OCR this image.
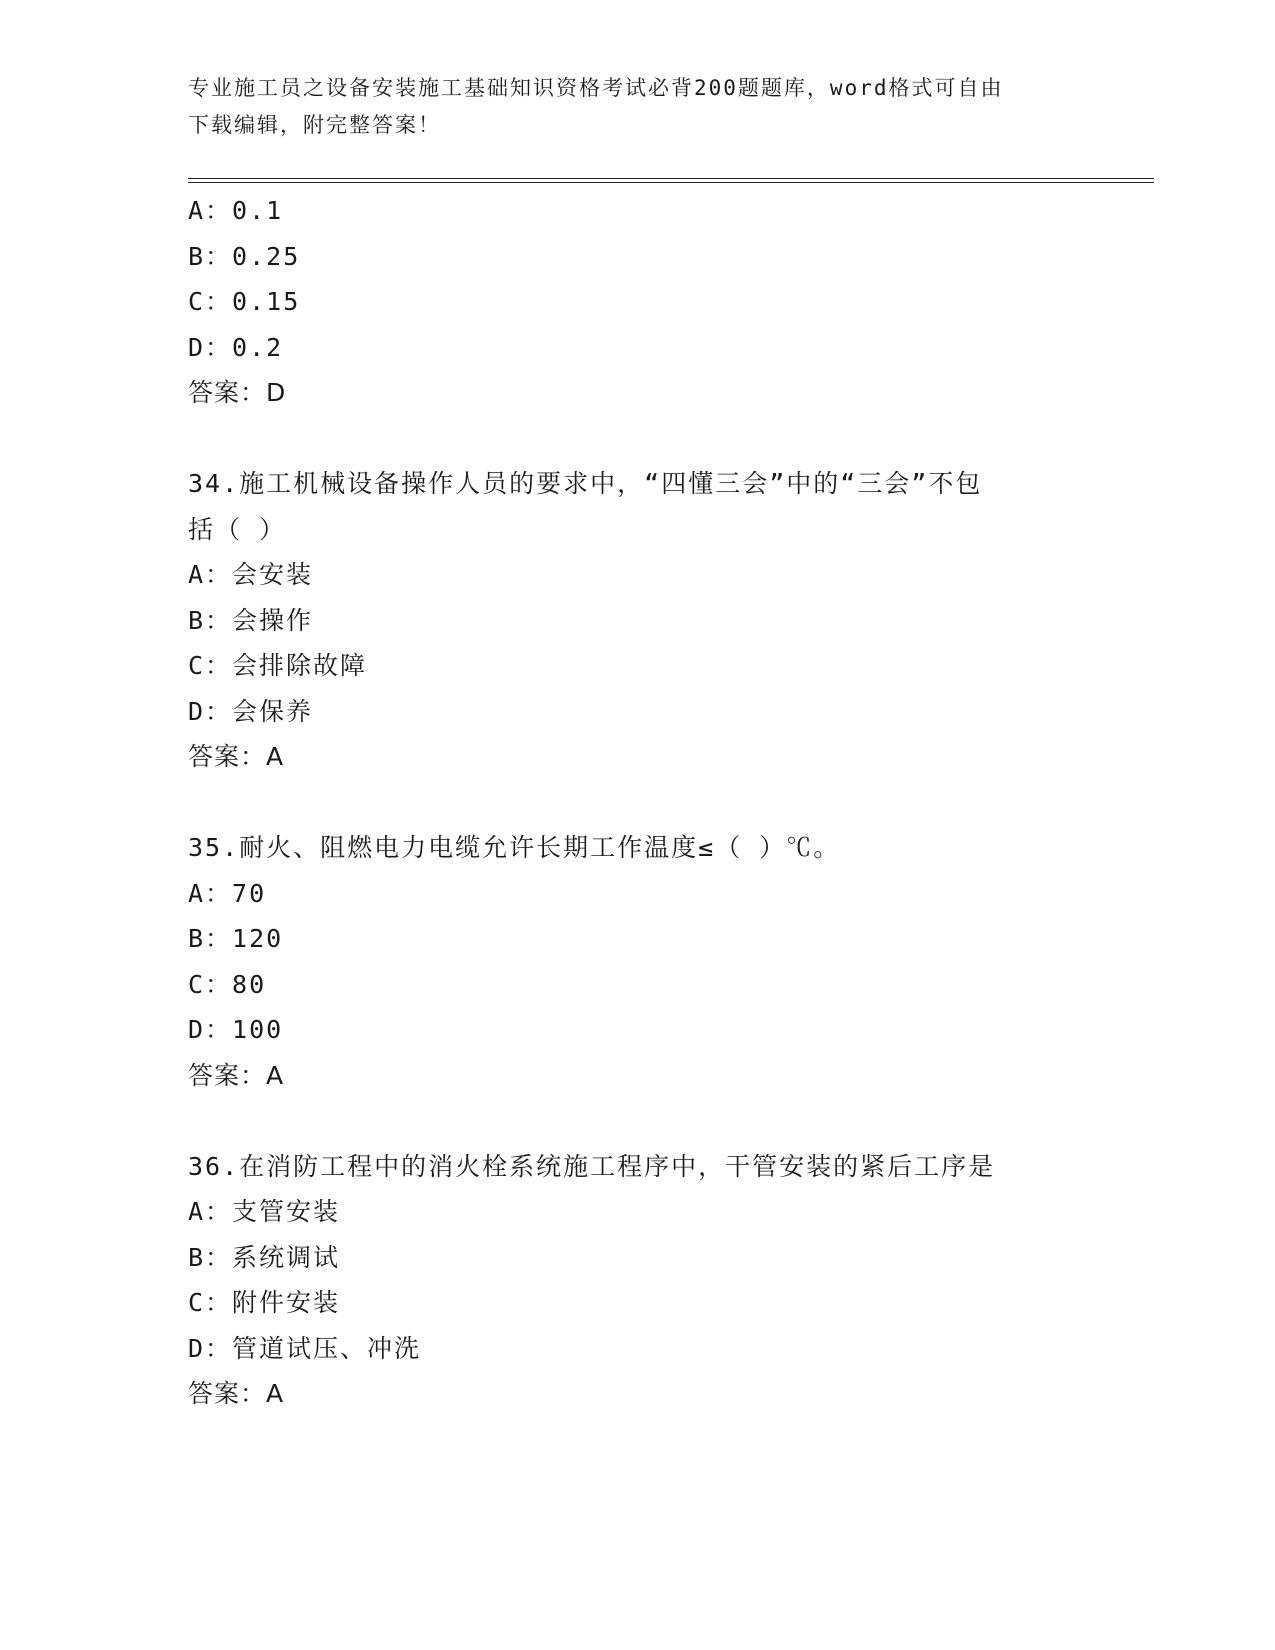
专业施工员之设备安装施工基础知识资格考试必背200题题库，word格式可自由
下载编辑，附完整答案！
A：0.1
B：0.25
C：0.15
D：0.2
答案：D
34.施工机械设备操作人员的要求中，“四懂三会”中的“三会”不包
括（ ）
A：会安装
B：会操作
C：会排除故障
D：会保养
答案：A
35.耐火、阻燃电力电缆允许长期工作温度≤（ ）℃。
A：70
B：120
C：80
D：100
答案：A
36.在消防工程中的消火栓系统施工程序中，干管安装的紧后工序是
A：支管安装
B：系统调试
C：附件安装
D：管道试压、冲洗
答案：A
